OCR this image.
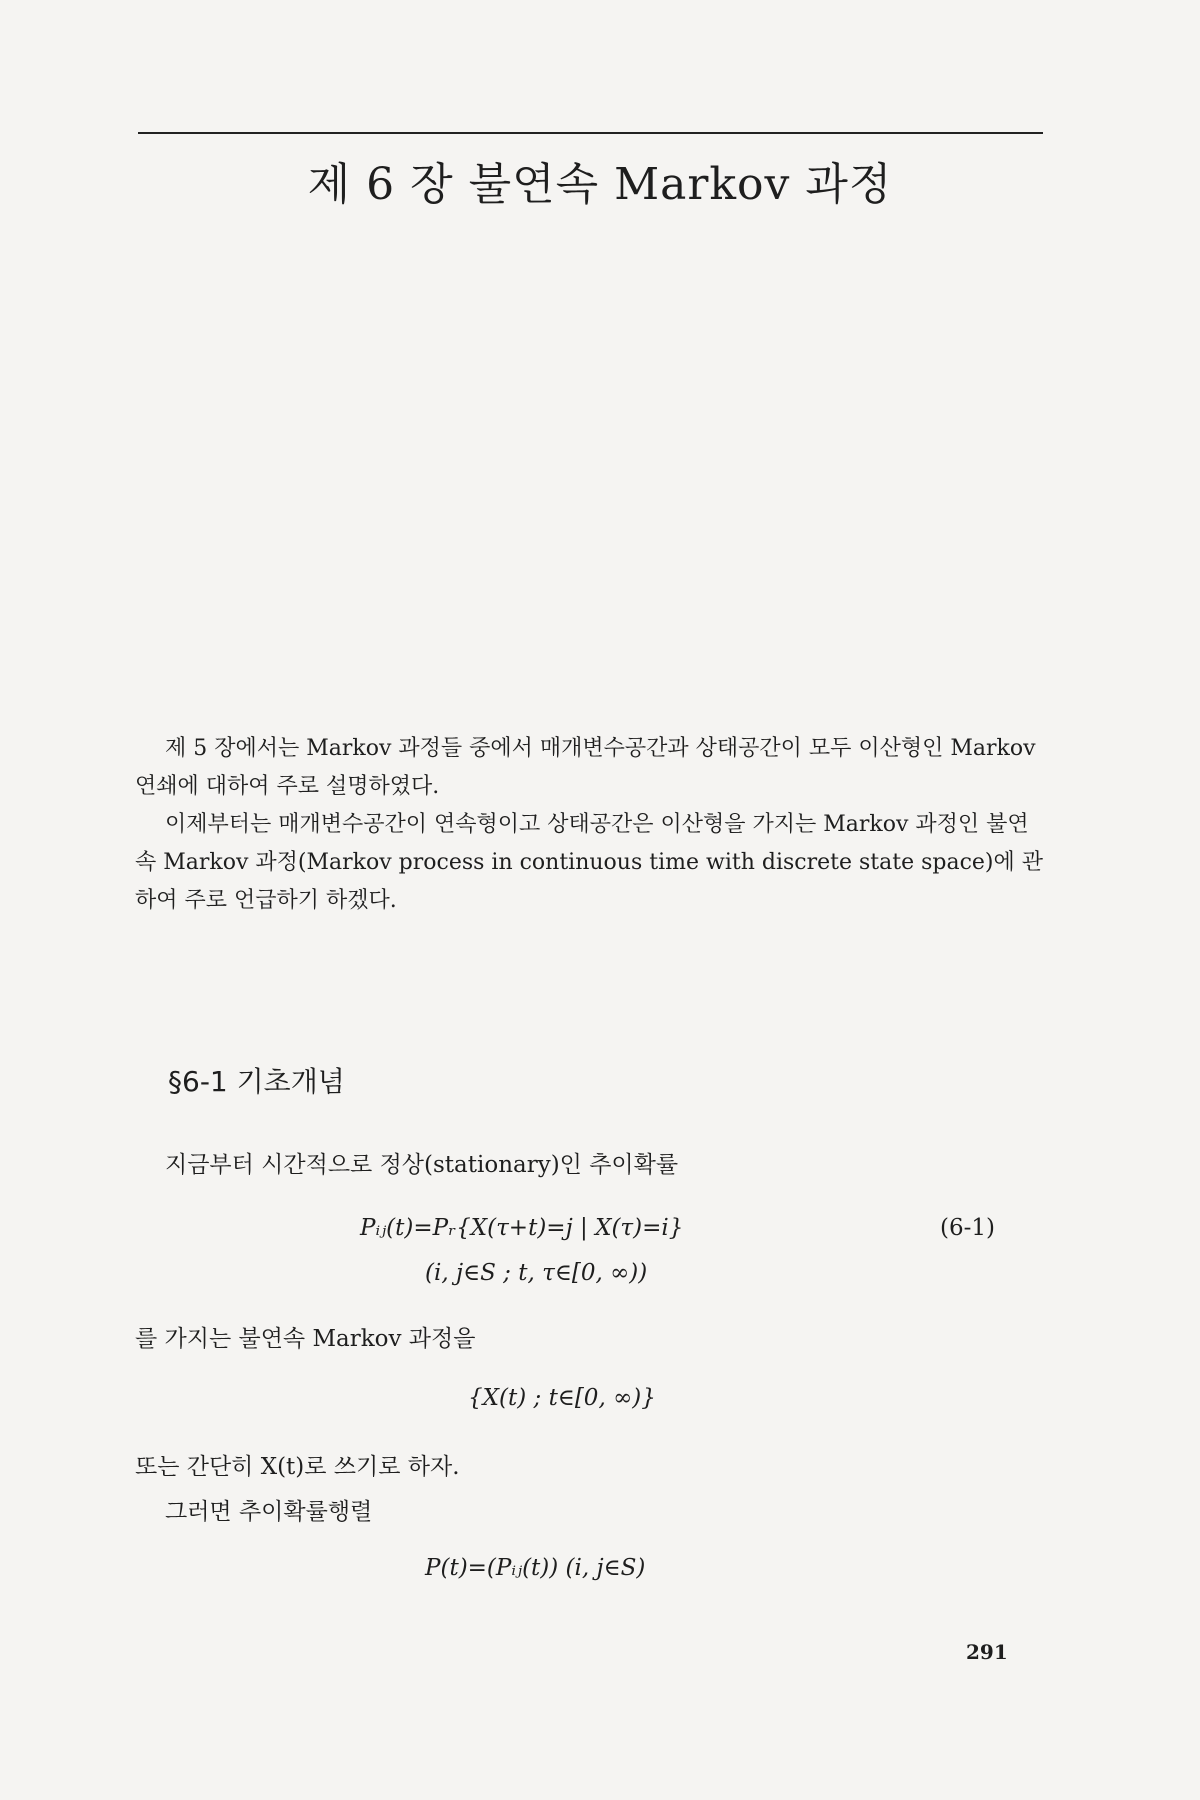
제 6 장 불연속 Markov 과정
제 5 장에서는 Markov 과정들 중에서 매개변수공간과 상태공간이 모두 이산형인 Markov 연쇄에 대하여 주로 설명하였다.
이제부터는 매개변수공간이 연속형이고 상태공간은 이산형을 가지는 Markov 과정인 불연속 Markov 과정(Markov process in continuous time with discrete state space)에 관하여 주로 언급하기 하겠다.
§6-1 기초개념
지금부터 시간적으로 정상(stationary)인 추이확률
Pᵢⱼ(t)=Pᵣ{X(τ+t)=j | X(τ)=i}	(6-1)
(i, j∈S ; t, τ∈[0, ∞))
를 가지는 불연속 Markov 과정을
{X(t) ; t∈[0, ∞)}
또는 간단히 X(t)로 쓰기로 하자.
그러면 추이확률행렬
P(t)=(Pᵢⱼ(t)) (i, j∈S)
291
